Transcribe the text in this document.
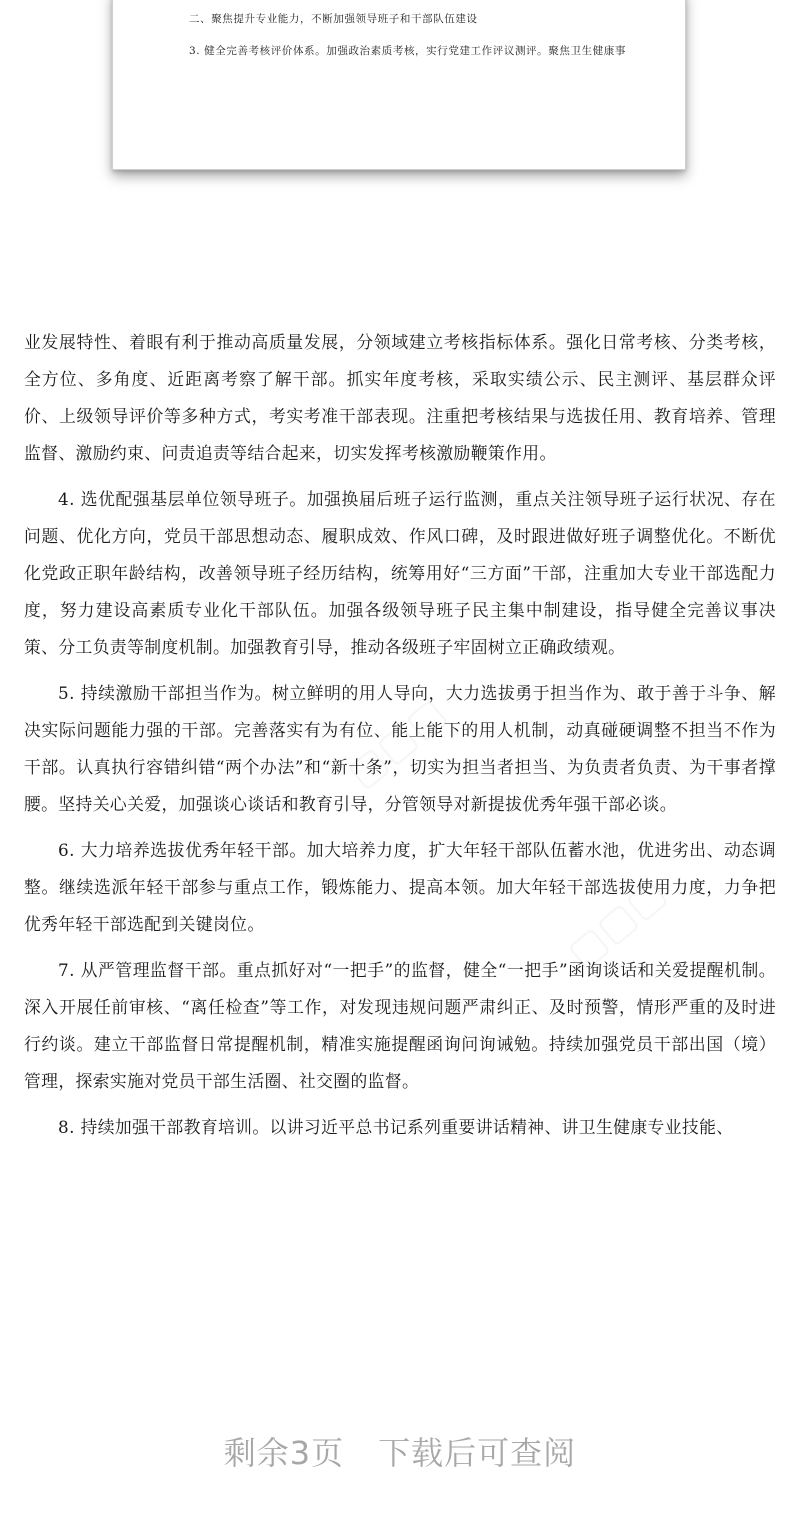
二、聚焦提升专业能力，不断加强领导班子和干部队伍建设
3. 健全完善考核评价体系。加强政治素质考核，实行党建工作评议测评。聚焦卫生健康事

业发展特性、着眼有利于推动高质量发展，分领域建立考核指标体系。强化日常考核、分类考核，全方位、多角度、近距离考察了解干部。抓实年度考核，采取实绩公示、民主测评、基层群众评价、上级领导评价等多种方式，考实考准干部表现。注重把考核结果与选拔任用、教育培养、管理监督、激励约束、问责追责等结合起来，切实发挥考核激励鞭策作用。

4. 选优配强基层单位领导班子。加强换届后班子运行监测，重点关注领导班子运行状况、存在问题、优化方向，党员干部思想动态、履职成效、作风口碑，及时跟进做好班子调整优化。不断优化党政正职年龄结构，改善领导班子经历结构，统筹用好“三方面”干部，注重加大专业干部选配力度，努力建设高素质专业化干部队伍。加强各级领导班子民主集中制建设，指导健全完善议事决策、分工负责等制度机制。加强教育引导，推动各级班子牢固树立正确政绩观。

5. 持续激励干部担当作为。树立鲜明的用人导向，大力选拔勇于担当作为、敢于善于斗争、解决实际问题能力强的干部。完善落实有为有位、能上能下的用人机制，动真碰硬调整不担当不作为干部。认真执行容错纠错“两个办法”和“新十条”，切实为担当者担当、为负责者负责、为干事者撑腰。坚持关心关爱，加强谈心谈话和教育引导，分管领导对新提拔优秀年强干部必谈。

6. 大力培养选拔优秀年轻干部。加大培养力度，扩大年轻干部队伍蓄水池，优进劣出、动态调整。继续选派年轻干部参与重点工作，锻炼能力、提高本领。加大年轻干部选拔使用力度，力争把优秀年轻干部选配到关键岗位。

7. 从严管理监督干部。重点抓好对“一把手”的监督，健全“一把手”函询谈话和关爱提醒机制。深入开展任前审核、“离任检查”等工作，对发现违规问题严肃纠正、及时预警，情形严重的及时进行约谈。建立干部监督日常提醒机制，精准实施提醒函询问询诫勉。持续加强党员干部出国（境）管理，探索实施对党员干部生活圈、社交圈的监督。

8. 持续加强干部教育培训。以讲习近平总书记系列重要讲话精神、讲卫生健康专业技能、

剩余3页 下载后可查阅
